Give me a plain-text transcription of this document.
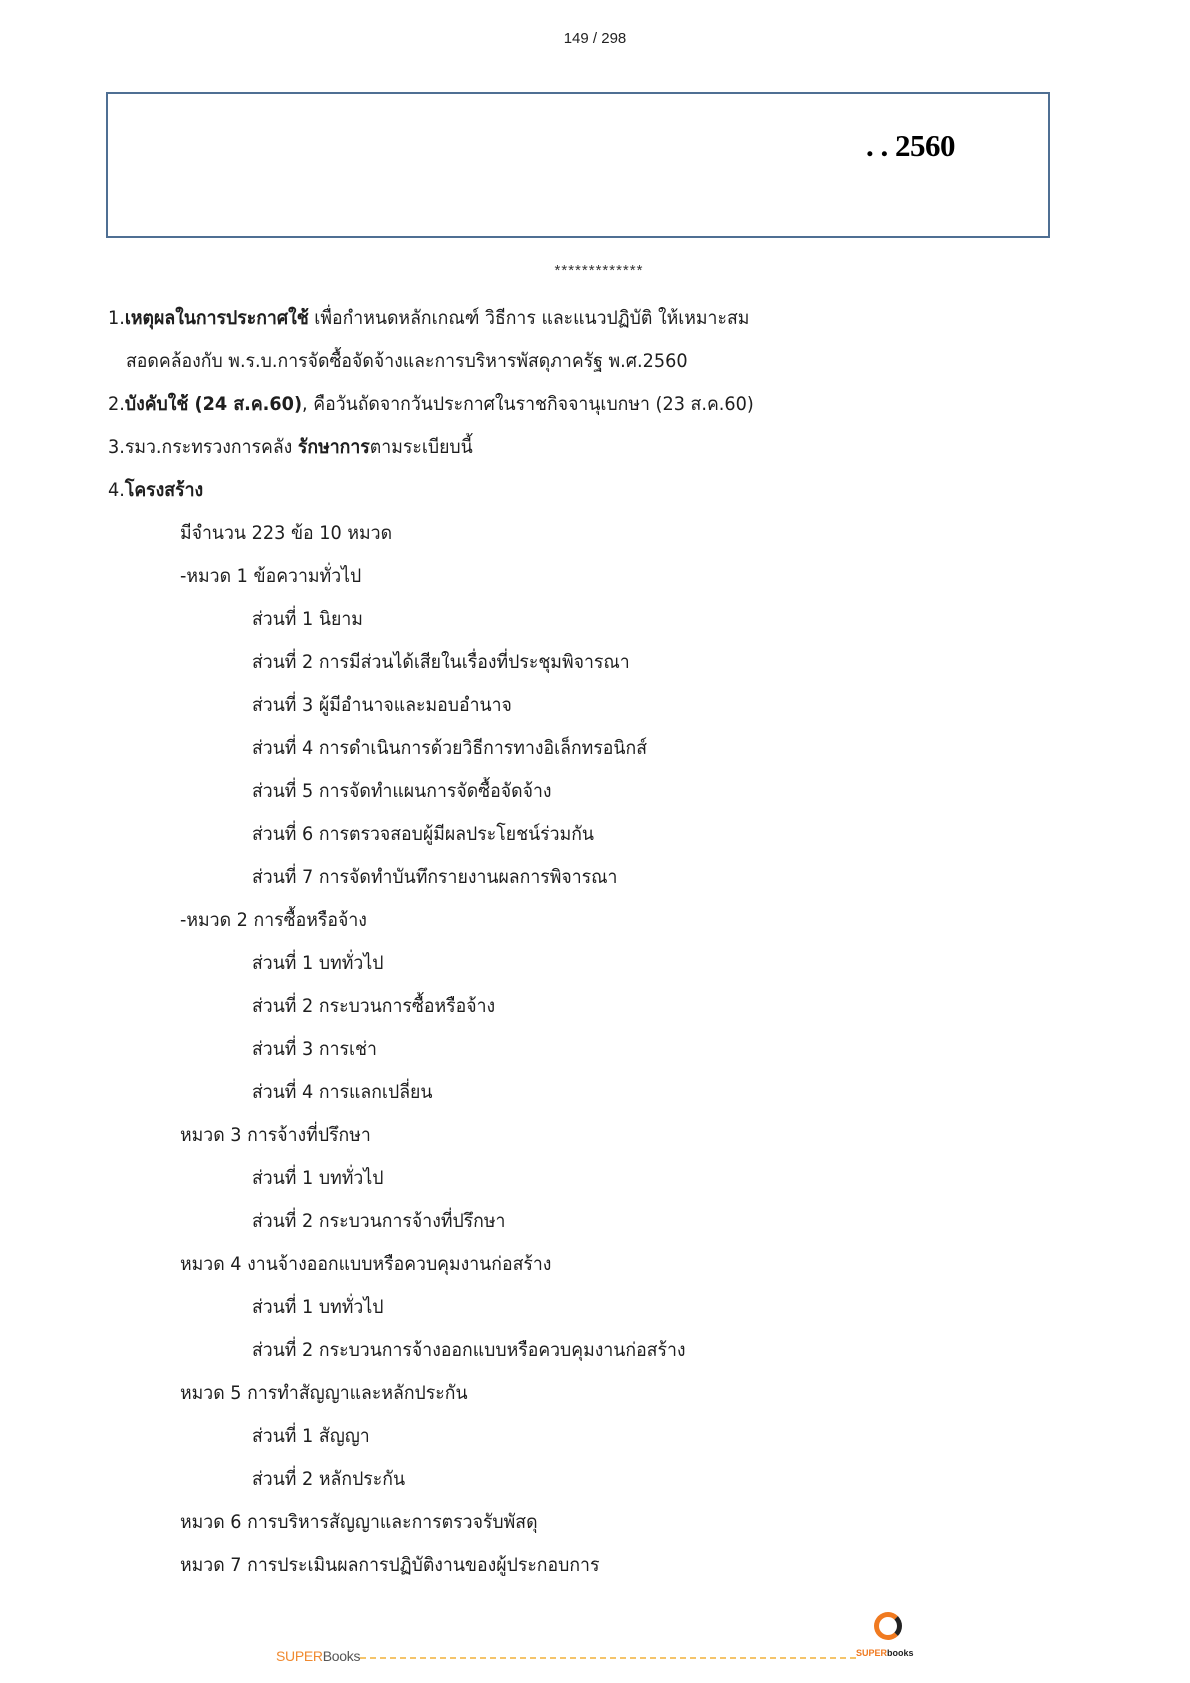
149 / 298
. . 2560
*************
1.เหตุผลในการประกาศใช้ เพื่อกำหนดหลักเกณฑ์ วิธีการ และแนวปฏิบัติ ให้เหมาะสม
สอดคล้องกับ พ.ร.บ.การจัดซื้อจัดจ้างและการบริหารพัสดุภาครัฐ พ.ศ.2560
2.บังคับใช้ (24 ส.ค.60), คือวันถัดจากวันประกาศในราชกิจจานุเบกษา (23 ส.ค.60)
3.รมว.กระทรวงการคลัง รักษาการตามระเบียบนี้
4.โครงสร้าง
มีจำนวน 223 ข้อ 10 หมวด
-หมวด 1 ข้อความทั่วไป
ส่วนที่ 1 นิยาม
ส่วนที่ 2 การมีส่วนได้เสียในเรื่องที่ประชุมพิจารณา
ส่วนที่ 3 ผู้มีอำนาจและมอบอำนาจ
ส่วนที่ 4 การดำเนินการด้วยวิธีการทางอิเล็กทรอนิกส์
ส่วนที่ 5 การจัดทำแผนการจัดซื้อจัดจ้าง
ส่วนที่ 6 การตรวจสอบผู้มีผลประโยชน์ร่วมกัน
ส่วนที่ 7 การจัดทำบันทึกรายงานผลการพิจารณา
-หมวด 2 การซื้อหรือจ้าง
ส่วนที่ 1 บททั่วไป
ส่วนที่ 2 กระบวนการซื้อหรือจ้าง
ส่วนที่ 3 การเช่า
ส่วนที่ 4 การแลกเปลี่ยน
หมวด 3 การจ้างที่ปรึกษา
ส่วนที่ 1 บททั่วไป
ส่วนที่ 2 กระบวนการจ้างที่ปรึกษา
หมวด 4 งานจ้างออกแบบหรือควบคุมงานก่อสร้าง
ส่วนที่ 1 บททั่วไป
ส่วนที่ 2 กระบวนการจ้างออกแบบหรือควบคุมงานก่อสร้าง
หมวด 5 การทำสัญญาและหลักประกัน
ส่วนที่ 1 สัญญา
ส่วนที่ 2 หลักประกัน
หมวด 6 การบริหารสัญญาและการตรวจรับพัสดุ
หมวด 7 การประเมินผลการปฏิบัติงานของผู้ประกอบการ
SUPERBooks	SUPERbooks
